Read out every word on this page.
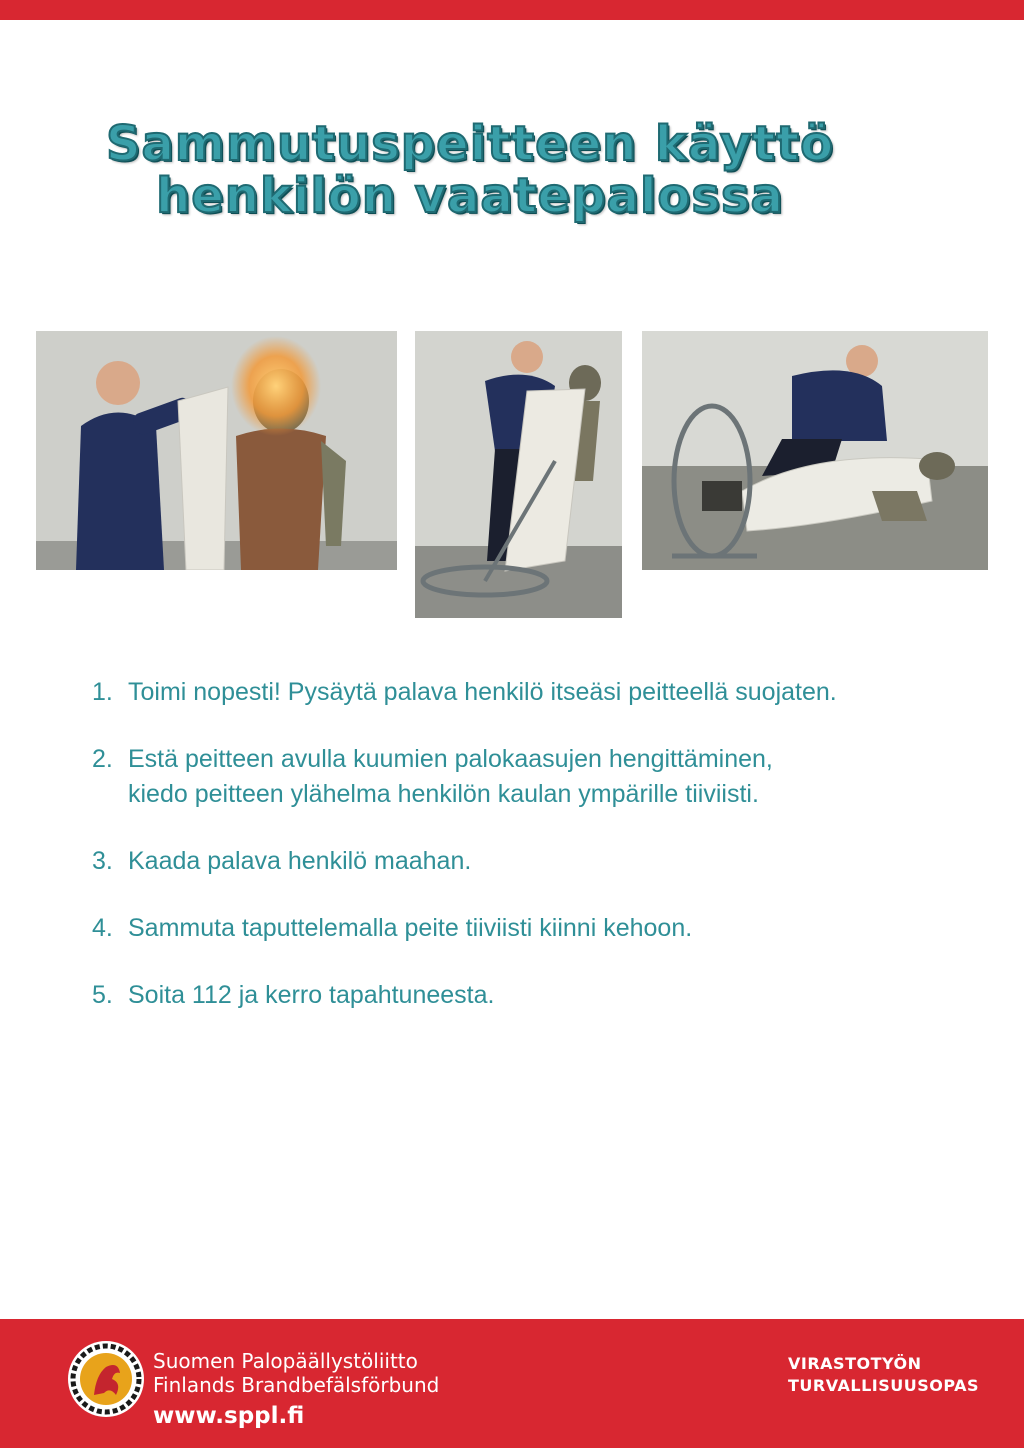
Sammutuspeitteen käyttö
henkilön vaatepalossa
1. Toimi nopesti! Pysäytä palava henkilö itseäsi peitteellä suojaten.
2. Estä peitteen avulla kuumien palokaasujen hengittäminen,
kiedo peitteen ylähelma henkilön kaulan ympärille tiiviisti.
3. Kaada palava henkilö maahan.
4. Sammuta taputtelemalla peite tiiviisti kiinni kehoon.
5. Soita 112 ja kerro tapahtuneesta.
Suomen Palopäällystöliitto
Finlands Brandbefälsförbund
www.sppl.fi
VIRASTOTYÖN
TURVALLISUUSOPAS
